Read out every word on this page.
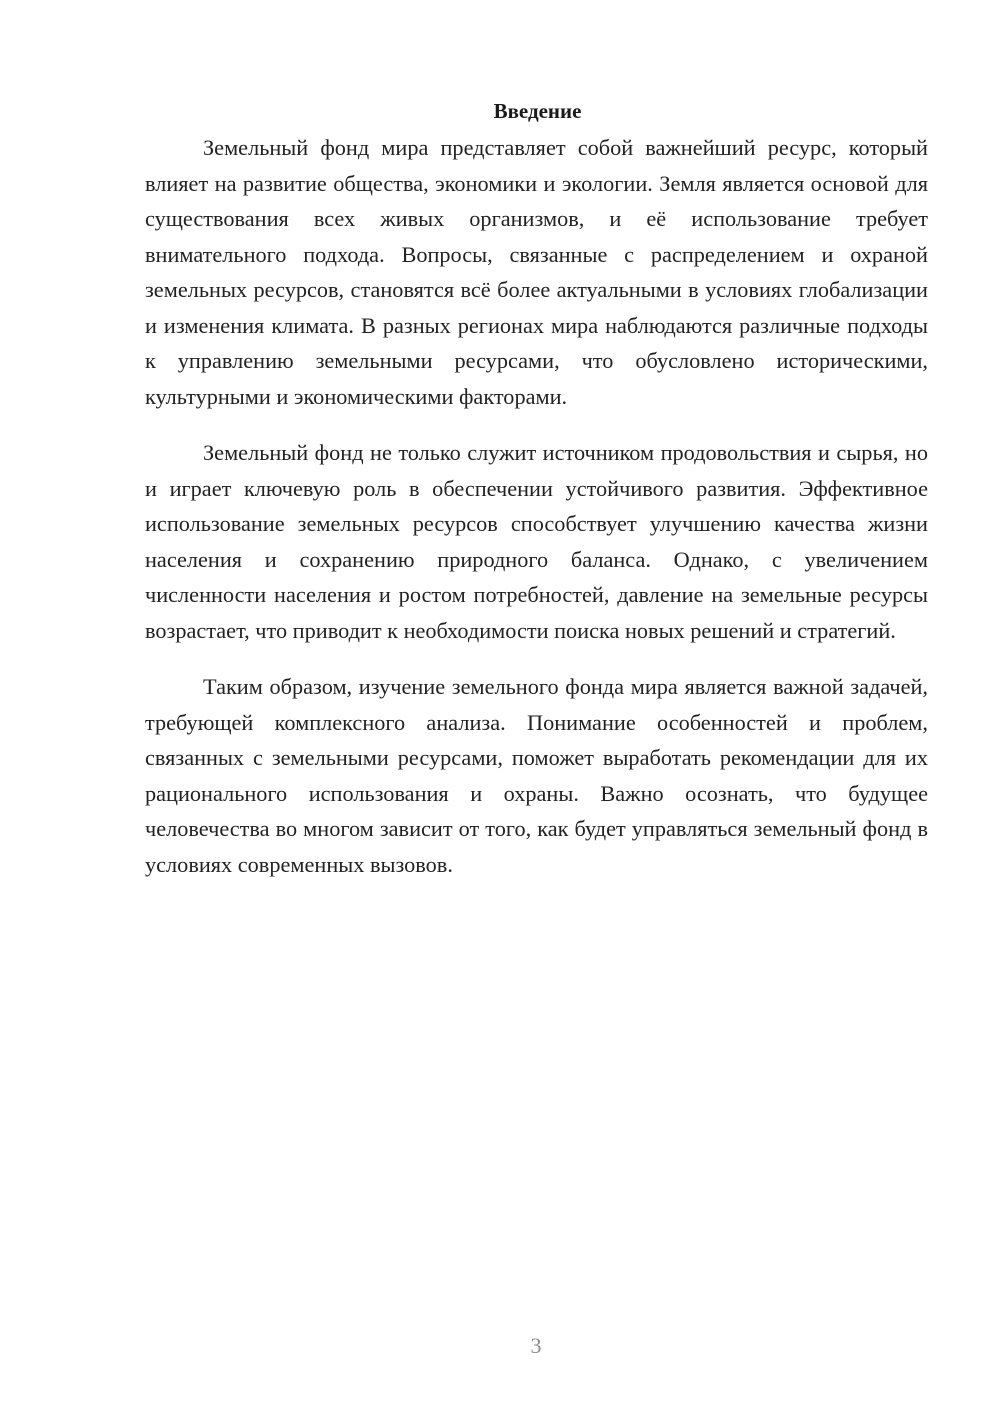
Введение

Земельный фонд мира представляет собой важнейший ресурс, который влияет на развитие общества, экономики и экологии. Земля является основой для существования всех живых организмов, и её использование требует внимательного подхода. Вопросы, связанные с распределением и охраной земельных ресурсов, становятся всё более актуальными в условиях глобализации и изменения климата. В разных регионах мира наблюдаются различные подходы к управлению земельными ресурсами, что обусловлено историческими, культурными и экономическими факторами.

Земельный фонд не только служит источником продовольствия и сырья, но и играет ключевую роль в обеспечении устойчивого развития. Эффективное использование земельных ресурсов способствует улучшению качества жизни населения и сохранению природного баланса. Однако, с увеличением численности населения и ростом потребностей, давление на земельные ресурсы возрастает, что приводит к необходимости поиска новых решений и стратегий.

Таким образом, изучение земельного фонда мира является важной задачей, требующей комплексного анализа. Понимание особенностей и проблем, связанных с земельными ресурсами, поможет выработать рекомендации для их рационального использования и охраны. Важно осознать, что будущее человечества во многом зависит от того, как будет управляться земельный фонд в условиях современных вызовов.

3
